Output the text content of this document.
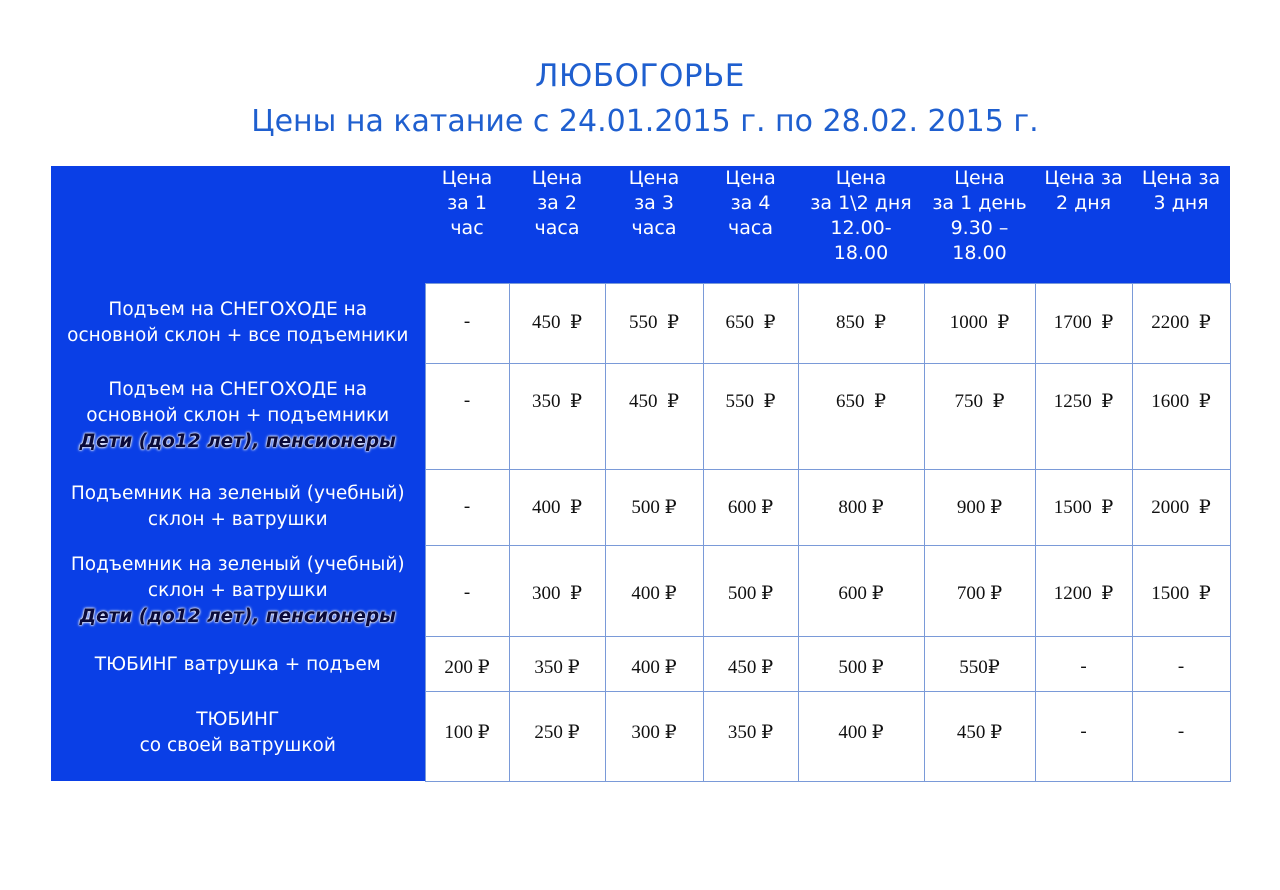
ЛЮБОГОРЬЕ
Цены на катание с 24.01.2015 г. по 28.02. 2015 г.
	Цена
за 1
час	Цена
за 2
часа	Цена
за 3
часа	Цена
за 4
часа	Цена
за 1\2 дня
12.00-
18.00	Цена
за 1 день
9.30 –
18.00	Цена за
2 дня	Цена за
3 дня

Подъем на СНЕГОХОДЕ на
основной склон + все подъемники	-	450  ₽	550  ₽	650  ₽	850  ₽	1000  ₽	1700  ₽	2200  ₽

Подъем на СНЕГОХОДЕ на
основной склон + подъемники
Дети (до12 лет), пенсионеры	-	350  ₽	450  ₽	550  ₽	650  ₽	750  ₽	1250  ₽	1600  ₽

Подъемник на зеленый (учебный)
склон + ватрушки	-	400  ₽	500 ₽	600 ₽	800 ₽	900 ₽	1500  ₽	2000  ₽

Подъемник на зеленый (учебный)
склон + ватрушки
Дети (до12 лет), пенсионеры	-	300  ₽	400 ₽	500 ₽	600 ₽	700 ₽	1200  ₽	1500  ₽

ТЮБИНГ ватрушка + подъем	200 ₽	350 ₽	400 ₽	450 ₽	500 ₽	550₽	-	-

ТЮБИНГ
со своей ватрушкой	100 ₽	250 ₽	300 ₽	350 ₽	400 ₽	450 ₽	-	-
